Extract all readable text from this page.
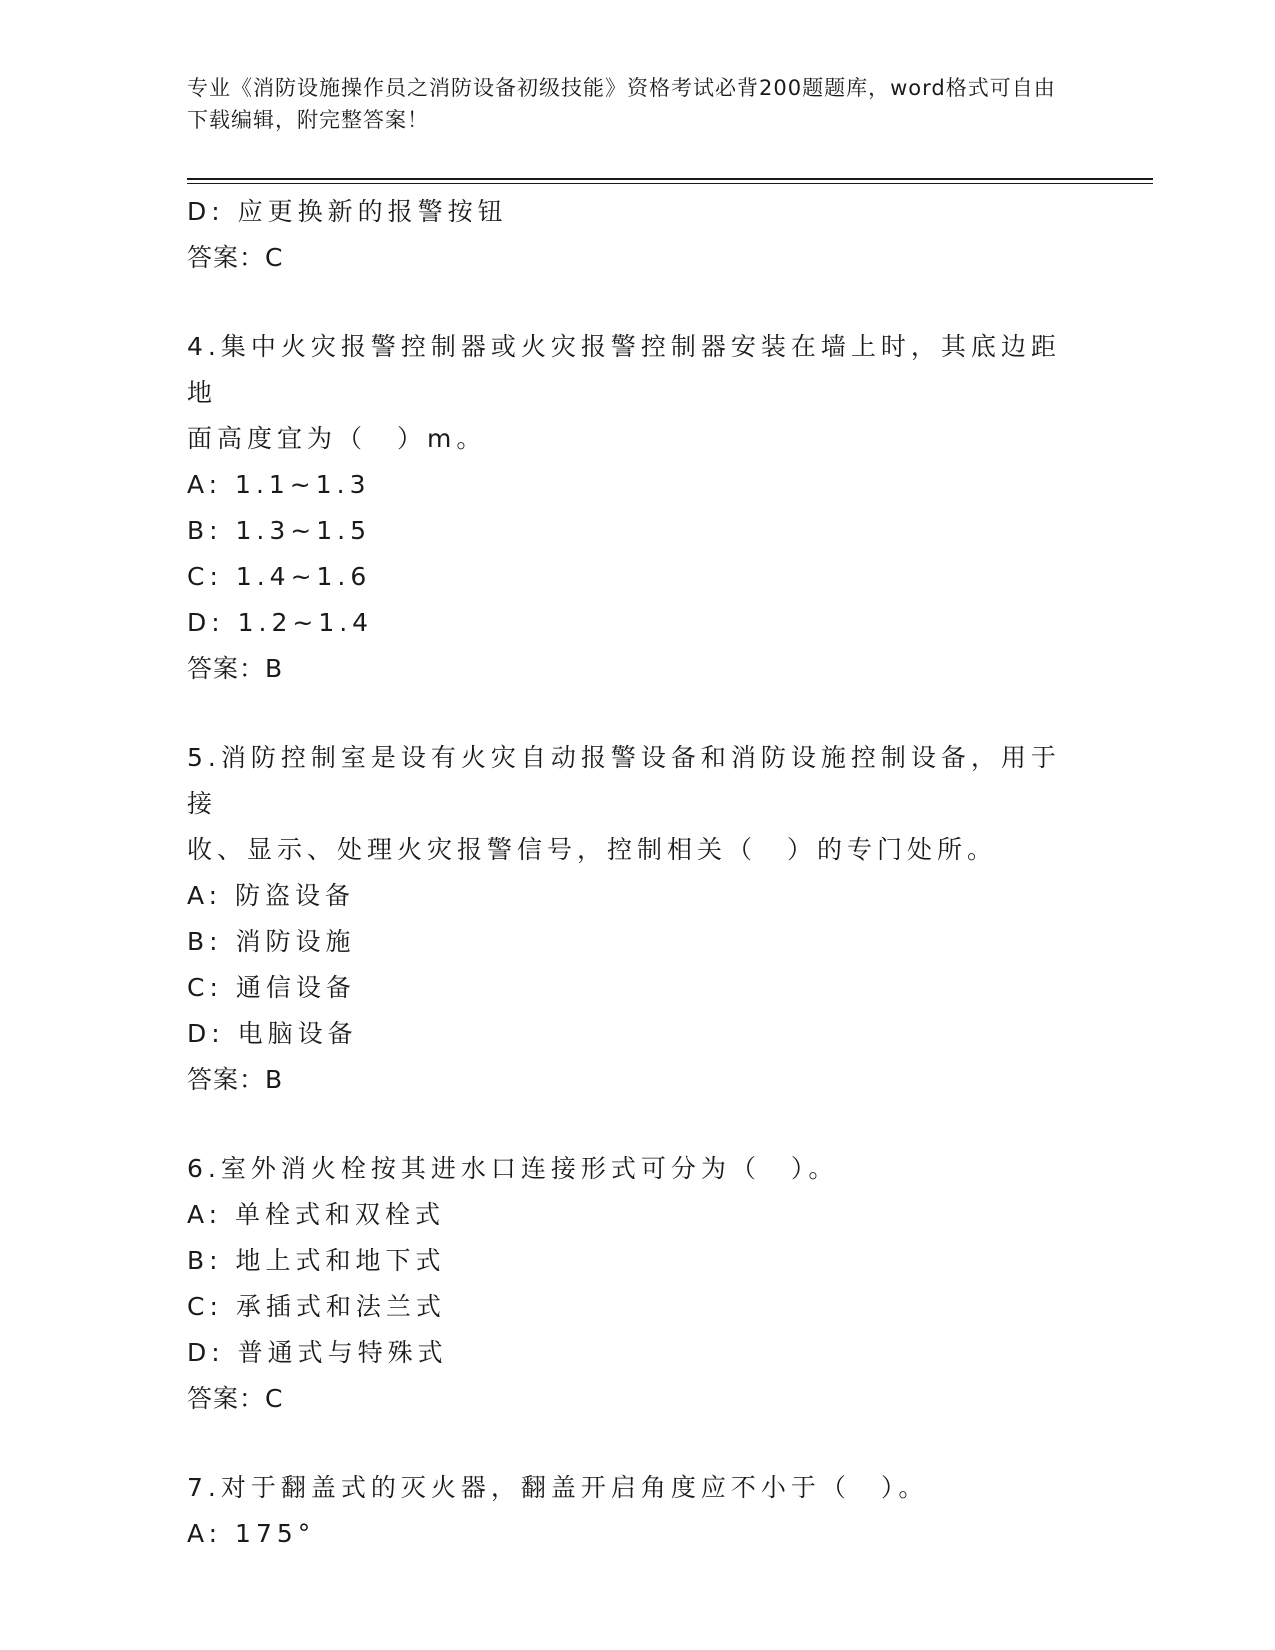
专业《消防设施操作员之消防设备初级技能》资格考试必背200题题库，word格式可自由下载编辑，附完整答案！
D: 应更换新的报警按钮
答案：C
4.集中火灾报警控制器或火灾报警控制器安装在墙上时，其底边距地
面高度宜为（　）m。
A: 1.1~1.3
B: 1.3~1.5
C: 1.4~1.6
D: 1.2~1.4
答案：B
5.消防控制室是设有火灾自动报警设备和消防设施控制设备，用于接
收、显示、处理火灾报警信号，控制相关（　）的专门处所。
A: 防盗设备
B: 消防设施
C: 通信设备
D: 电脑设备
答案：B
6.室外消火栓按其进水口连接形式可分为（　）。
A: 单栓式和双栓式
B: 地上式和地下式
C: 承插式和法兰式
D: 普通式与特殊式
答案：C
7.对于翻盖式的灭火器，翻盖开启角度应不小于（　）。
A: 175°
